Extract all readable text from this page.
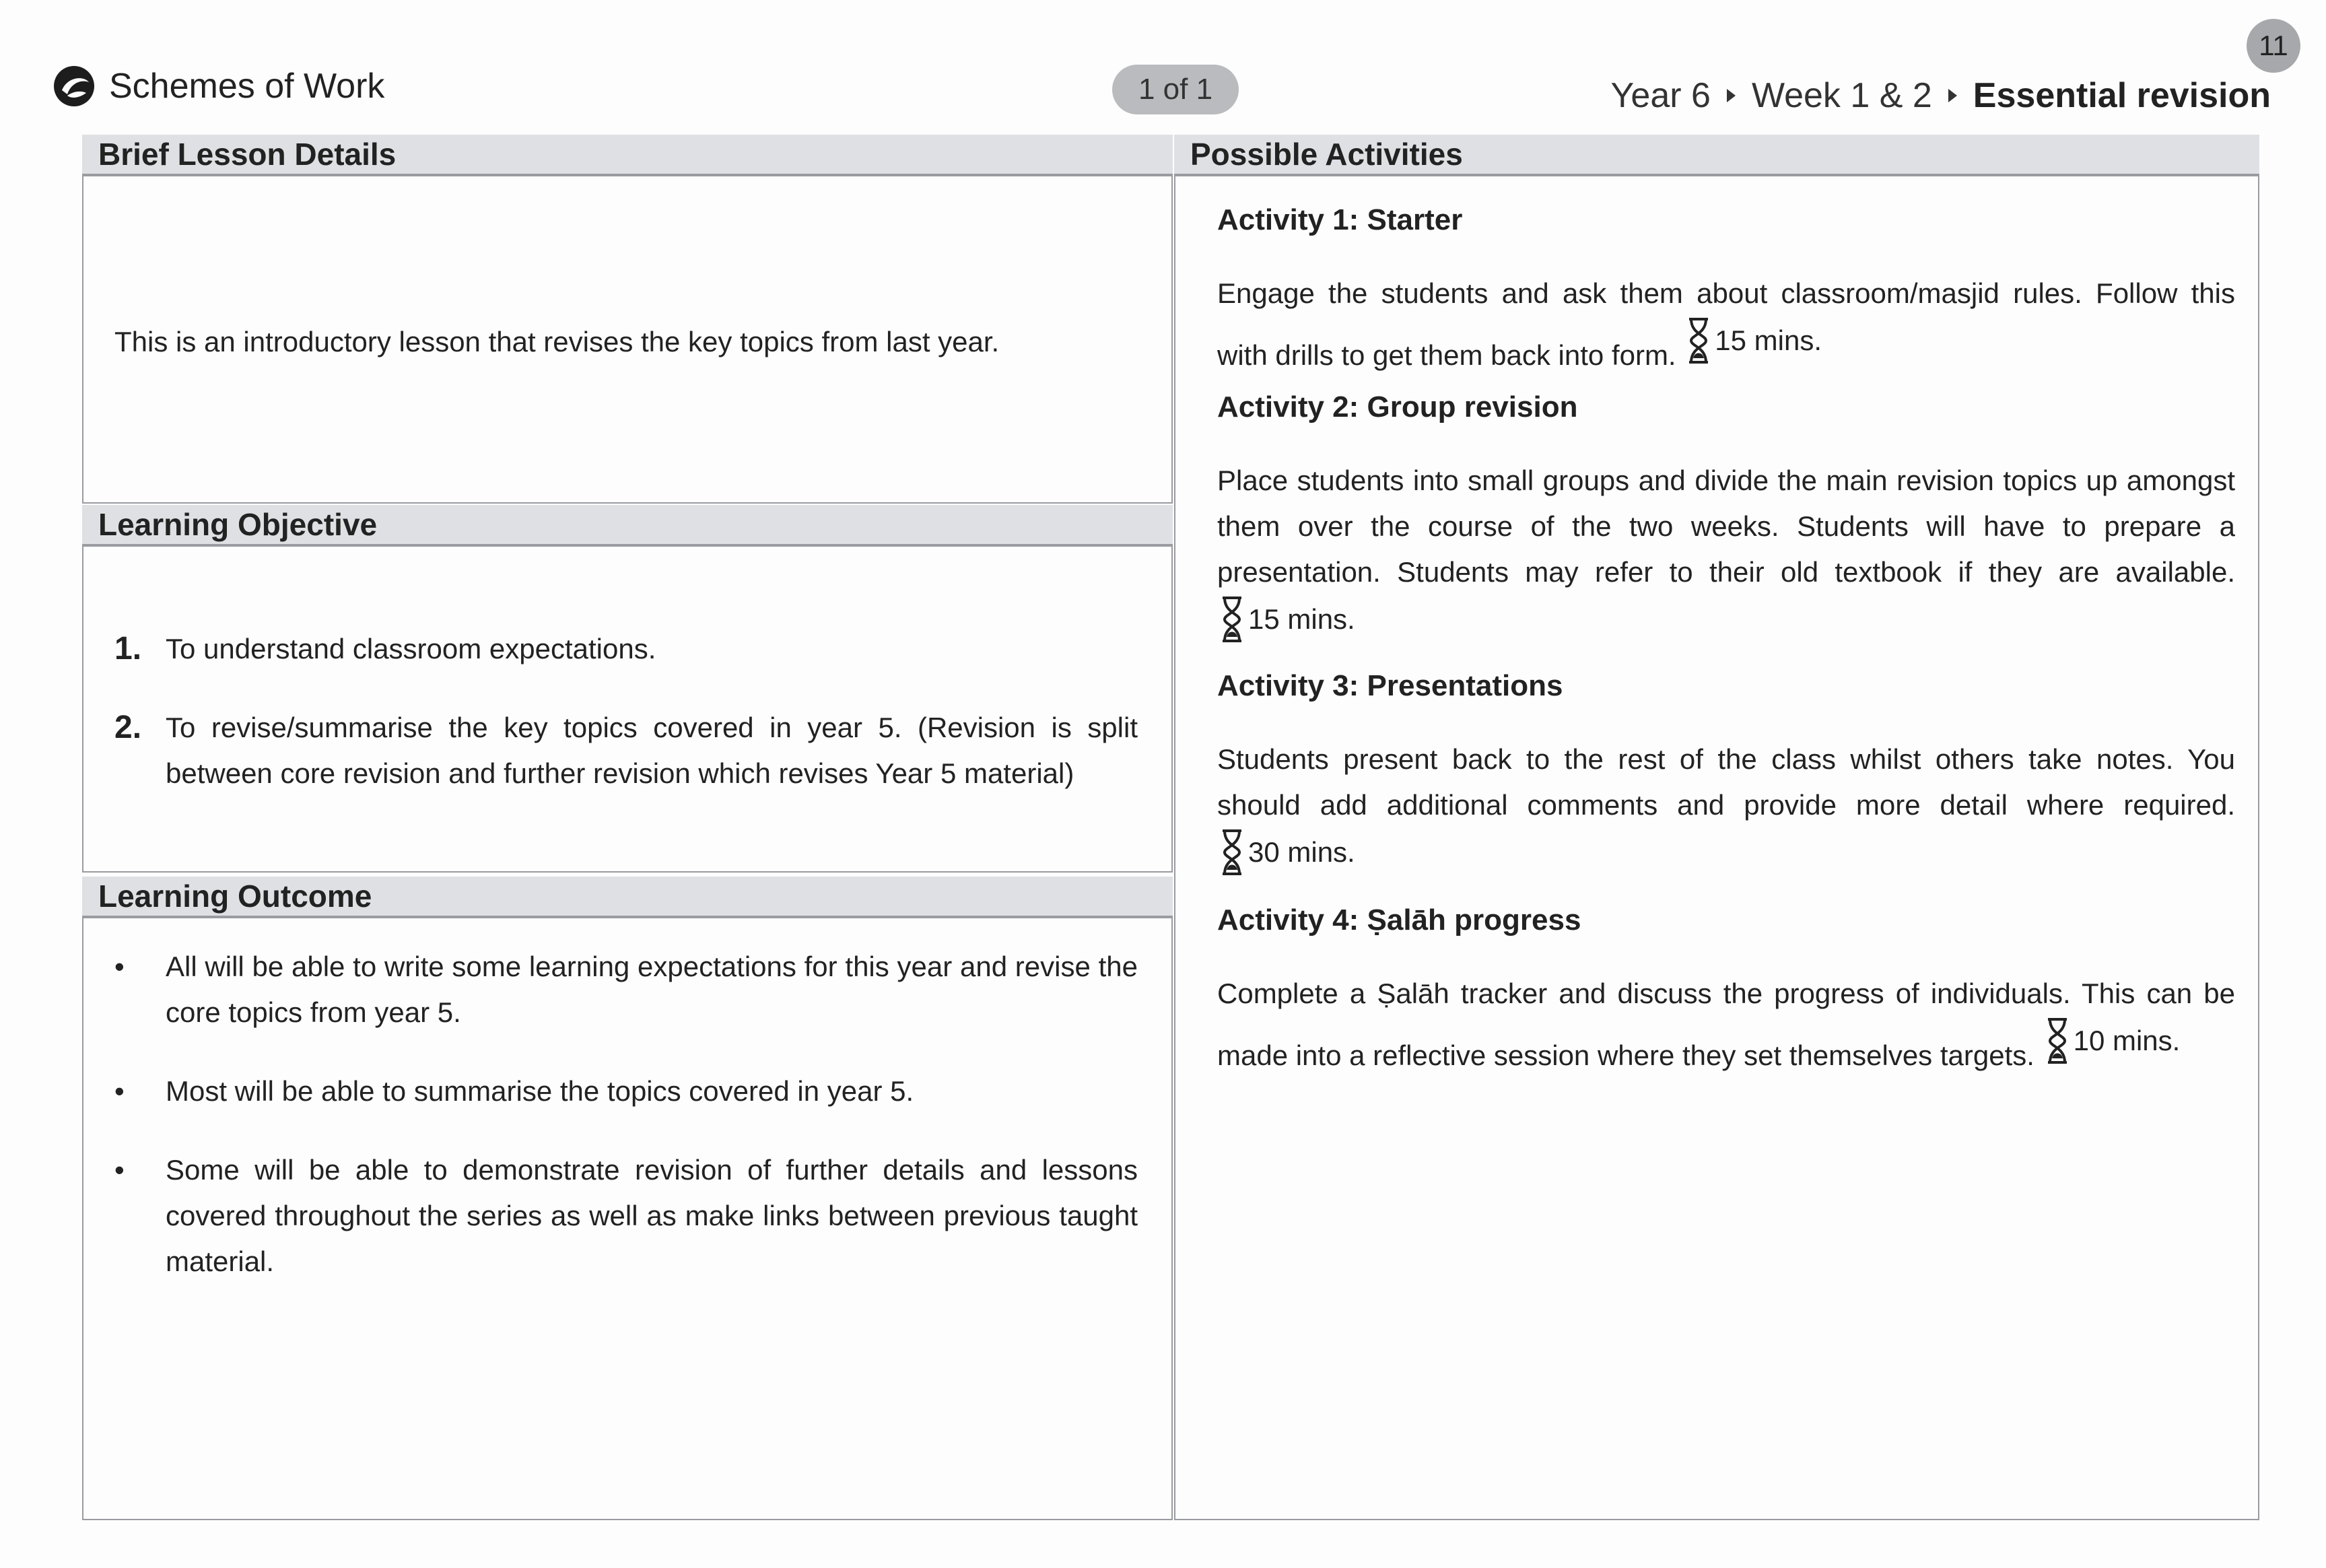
Schemes of Work	1 of 1
11
Year 6 Week 1 & 2 Essential revision
Brief Lesson Details
This is an introductory lesson that revises the key topics from last year.
Learning Objective
1. To understand classroom expectations.
2. To revise/summarise the key topics covered in year 5. (Revision is split between core revision and further revision which revises Year 5 material)
Learning Outcome
•	All will be able to write some learning expectations for this year and revise the core topics from year 5.
•	Most will be able to summarise the topics covered in year 5.
•	Some will be able to demonstrate revision of further details and lessons covered throughout the series as well as make links between previous taught material.
Possible Activities
Activity 1: Starter
Engage the students and ask them about classroom/masjid rules. Follow this with drills to get them back into form. 15 mins.
Activity 2: Group revision
Place students into small groups and divide the main revision topics up amongst them over the course of the two weeks. Students will have to prepare a presentation. Students may refer to their old textbook if they are available.
15 mins.
Activity 3: Presentations
Students present back to the rest of the class whilst others take notes. You should add additional comments and provide more detail where required.
30 mins.
Activity 4: Ṣalāh progress
Complete a Ṣalāh tracker and discuss the progress of individuals. This can be made into a reflective session where they set themselves targets. 10 mins.
